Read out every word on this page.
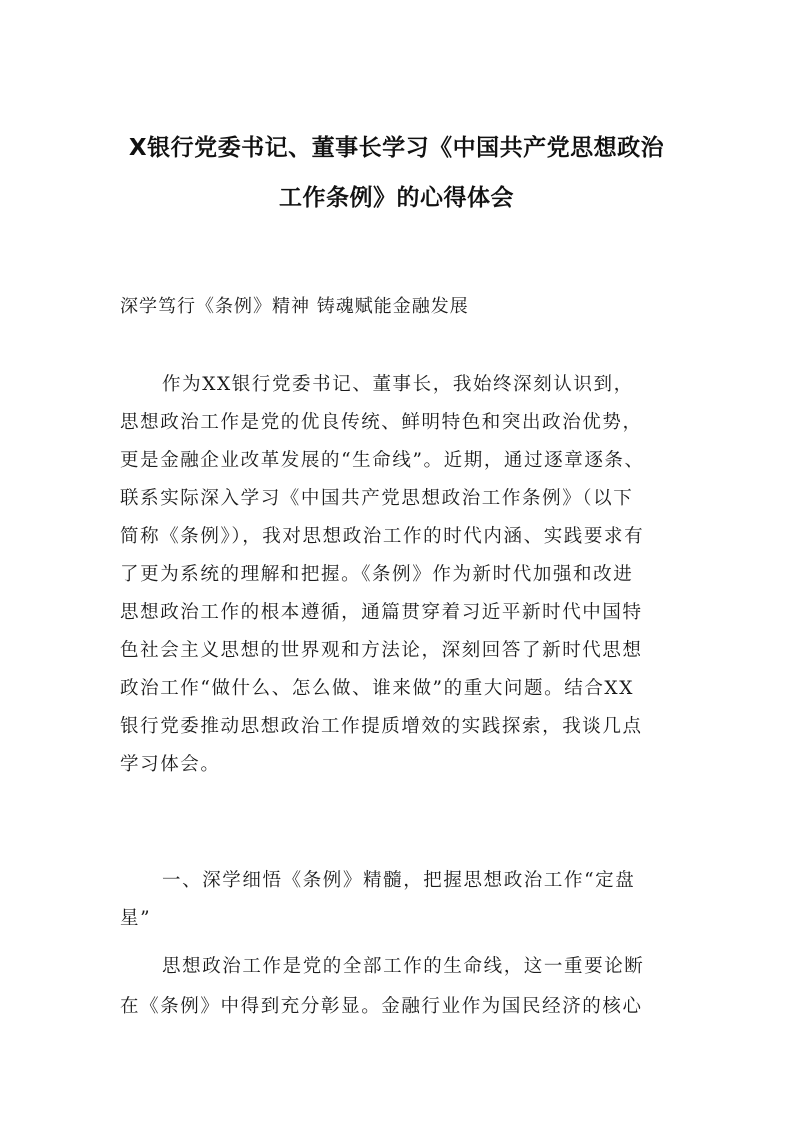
X银行党委书记、董事长学习《中国共产党思想政治
工作条例》的心得体会
深学笃行《条例》精神 铸魂赋能金融发展
作为XX银行党委书记、董事长，我始终深刻认识到，
思想政治工作是党的优良传统、鲜明特色和突出政治优势，
更是金融企业改革发展的“生命线”。近期，通过逐章逐条、
联系实际深入学习《中国共产党思想政治工作条例》（以下
简称《条例》），我对思想政治工作的时代内涵、实践要求有
了更为系统的理解和把握。《条例》作为新时代加强和改进
思想政治工作的根本遵循，通篇贯穿着习近平新时代中国特
色社会主义思想的世界观和方法论，深刻回答了新时代思想
政治工作“做什么、怎么做、谁来做”的重大问题。结合XX
银行党委推动思想政治工作提质增效的实践探索，我谈几点
学习体会。
一、深学细悟《条例》精髓，把握思想政治工作“定盘
星”
思想政治工作是党的全部工作的生命线，这一重要论断
在《条例》中得到充分彰显。金融行业作为国民经济的核心
